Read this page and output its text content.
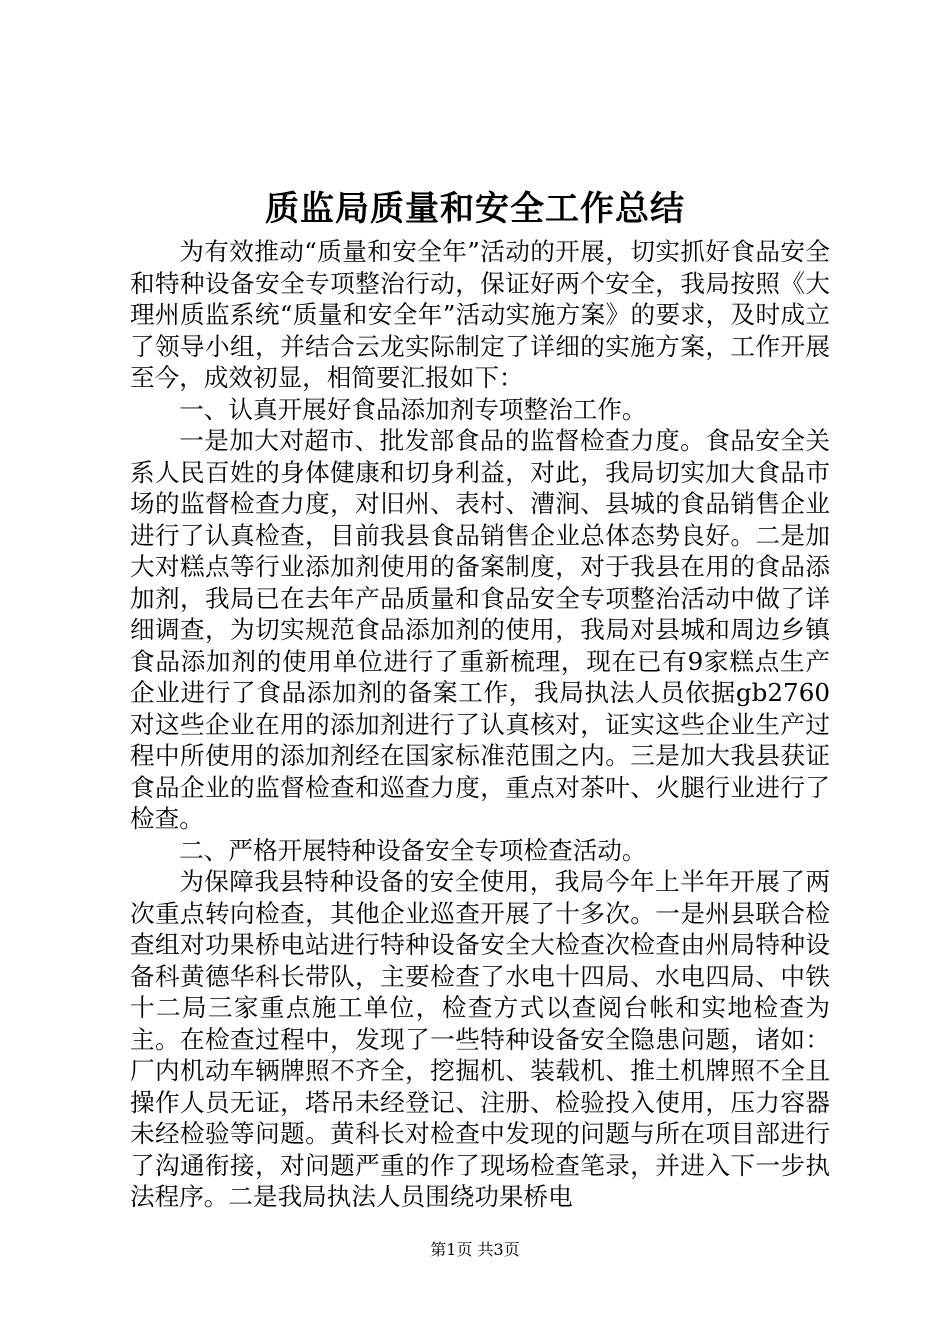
质监局质量和安全工作总结

为有效推动“质量和安全年”活动的开展，切实抓好食品安全和特种设备安全专项整治行动，保证好两个安全，我局按照《大理州质监系统“质量和安全年”活动实施方案》的要求，及时成立了领导小组，并结合云龙实际制定了详细的实施方案，工作开展至今，成效初显，相简要汇报如下：

一、认真开展好食品添加剂专项整治工作。

一是加大对超市、批发部食品的监督检查力度。食品安全关系人民百姓的身体健康和切身利益，对此，我局切实加大食品市场的监督检查力度，对旧州、表村、漕涧、县城的食品销售企业进行了认真检查，目前我县食品销售企业总体态势良好。二是加大对糕点等行业添加剂使用的备案制度，对于我县在用的食品添加剂，我局已在去年产品质量和食品安全专项整治活动中做了详细调查，为切实规范食品添加剂的使用，我局对县城和周边乡镇食品添加剂的使用单位进行了重新梳理，现在已有9家糕点生产企业进行了食品添加剂的备案工作，我局执法人员依据gb2760对这些企业在用的添加剂进行了认真核对，证实这些企业生产过程中所使用的添加剂经在国家标准范围之内。三是加大我县获证食品企业的监督检查和巡查力度，重点对茶叶、火腿行业进行了检查。

二、严格开展特种设备安全专项检查活动。

为保障我县特种设备的安全使用，我局今年上半年开展了两次重点转向检查，其他企业巡查开展了十多次。一是州县联合检查组对功果桥电站进行特种设备安全大检查次检查由州局特种设备科黄德华科长带队，主要检查了水电十四局、水电四局、中铁十二局三家重点施工单位，检查方式以查阅台帐和实地检查为主。在检查过程中，发现了一些特种设备安全隐患问题，诸如：厂内机动车辆牌照不齐全，挖掘机、装载机、推土机牌照不全且操作人员无证，塔吊未经登记、注册、检验投入使用，压力容器未经检验等问题。黄科长对检查中发现的问题与所在项目部进行了沟通衔接，对问题严重的作了现场检查笔录，并进入下一步执法程序。二是我局执法人员围绕功果桥电

第1页 共3页
